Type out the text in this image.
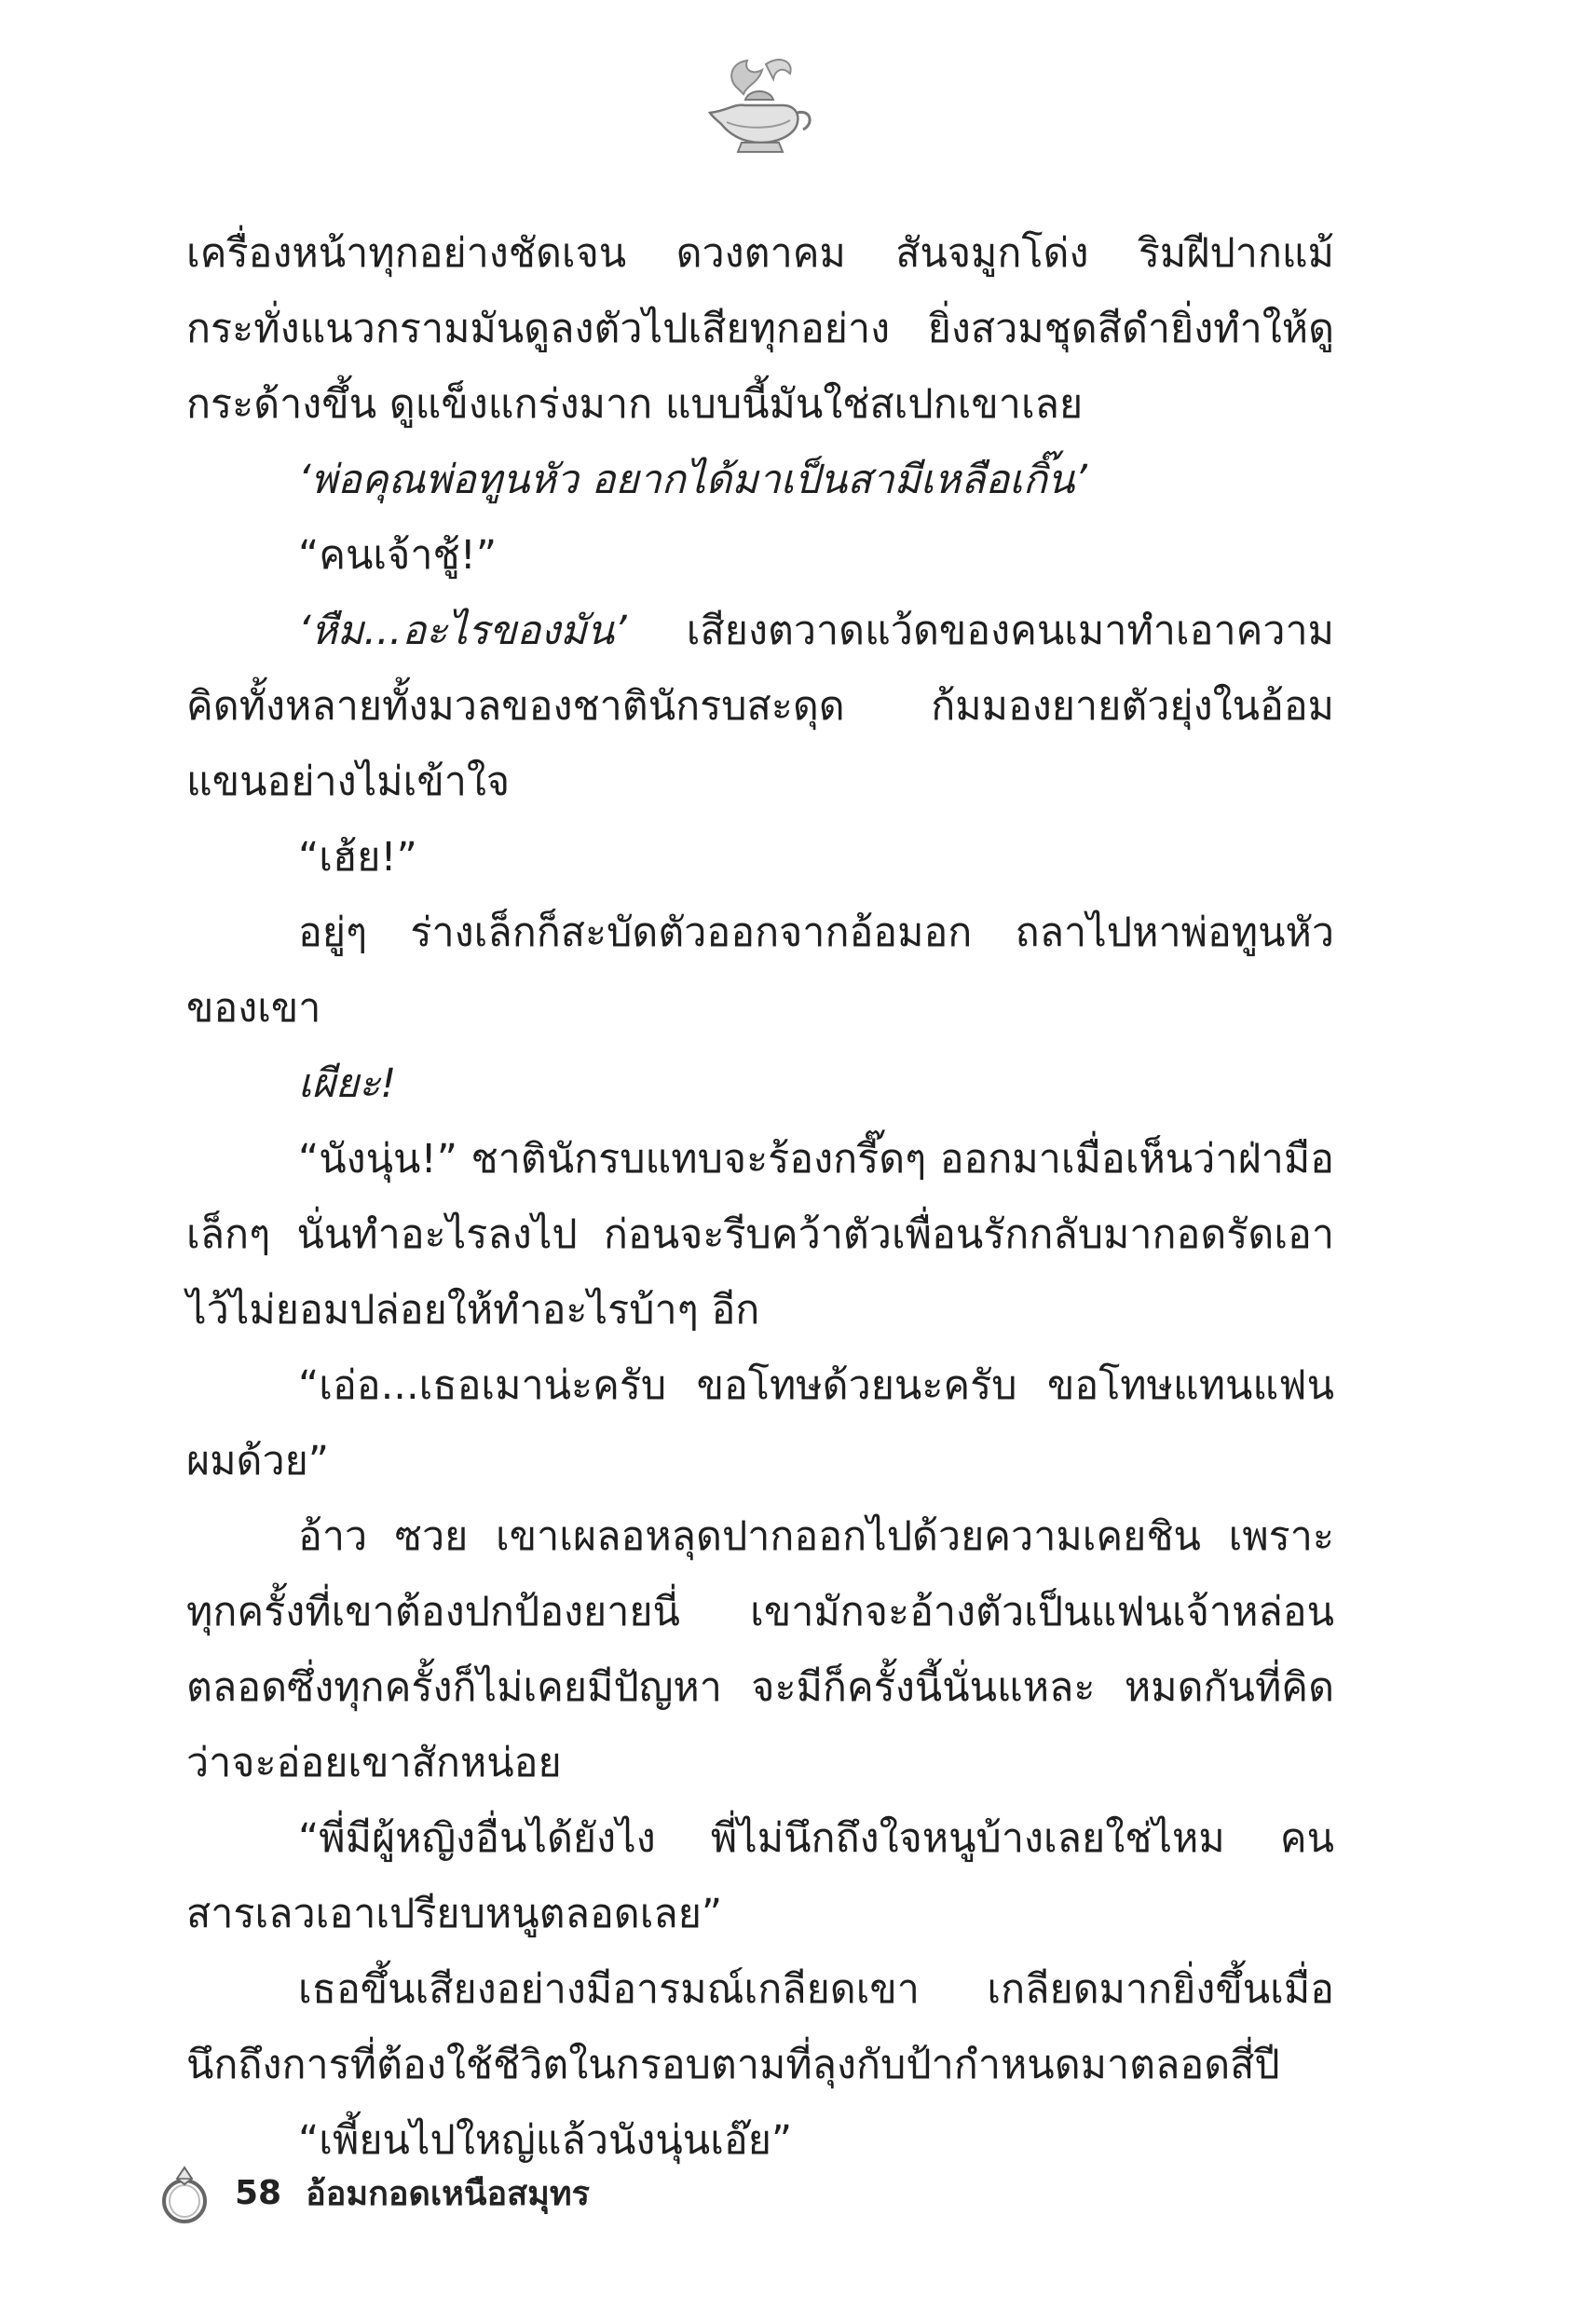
เครื่องหน้าทุกอย่างชัดเจน ดวงตาคม สันจมูกโด่ง ริมฝีปากแม้กระทั่งแนวกรามมันดูลงตัวไปเสียทุกอย่าง ยิ่งสวมชุดสีดำยิ่งทำให้ดูกระด้างขึ้น ดูแข็งแกร่งมาก แบบนี้มันใช่สเปกเขาเลย

‘พ่อคุณพ่อทูนหัว อยากได้มาเป็นสามีเหลือเกิ๊น’

“คนเจ้าชู้!”

‘หืม...อะไรของมัน’ เสียงตวาดแว้ดของคนเมาทำเอาความคิดทั้งหลายทั้งมวลของชาตินักรบสะดุด ก้มมองยายตัวยุ่งในอ้อมแขนอย่างไม่เข้าใจ

“เฮ้ย!”

อยู่ๆ ร่างเล็กก็สะบัดตัวออกจากอ้อมอก ถลาไปหาพ่อทูนหัวของเขา

เผียะ!

“นังนุ่น!” ชาตินักรบแทบจะร้องกรี๊ดๆ ออกมาเมื่อเห็นว่าฝ่ามือเล็กๆ นั่นทำอะไรลงไป ก่อนจะรีบคว้าตัวเพื่อนรักกลับมากอดรัดเอาไว้ไม่ยอมปล่อยให้ทำอะไรบ้าๆ อีก

“เอ่อ...เธอเมาน่ะครับ ขอโทษด้วยนะครับ ขอโทษแทนแฟนผมด้วย”

อ้าว ซวย เขาเผลอหลุดปากออกไปด้วยความเคยชิน เพราะทุกครั้งที่เขาต้องปกป้องยายนี่ เขามักจะอ้างตัวเป็นแฟนเจ้าหล่อนตลอดซึ่งทุกครั้งก็ไม่เคยมีปัญหา จะมีก็ครั้งนี้นั่นแหละ หมดกันที่คิดว่าจะอ่อยเขาสักหน่อย

“พี่มีผู้หญิงอื่นได้ยังไง พี่ไม่นึกถึงใจหนูบ้างเลยใช่ไหม คนสารเลวเอาเปรียบหนูตลอดเลย”

เธอขึ้นเสียงอย่างมีอารมณ์เกลียดเขา เกลียดมากยิ่งขึ้นเมื่อนึกถึงการที่ต้องใช้ชีวิตในกรอบตามที่ลุงกับป้ากำหนดมาตลอดสี่ปี

“เพี้ยนไปใหญ่แล้วนังนุ่นเอ๊ย”

58 อ้อมกอดเหนือสมุทร
